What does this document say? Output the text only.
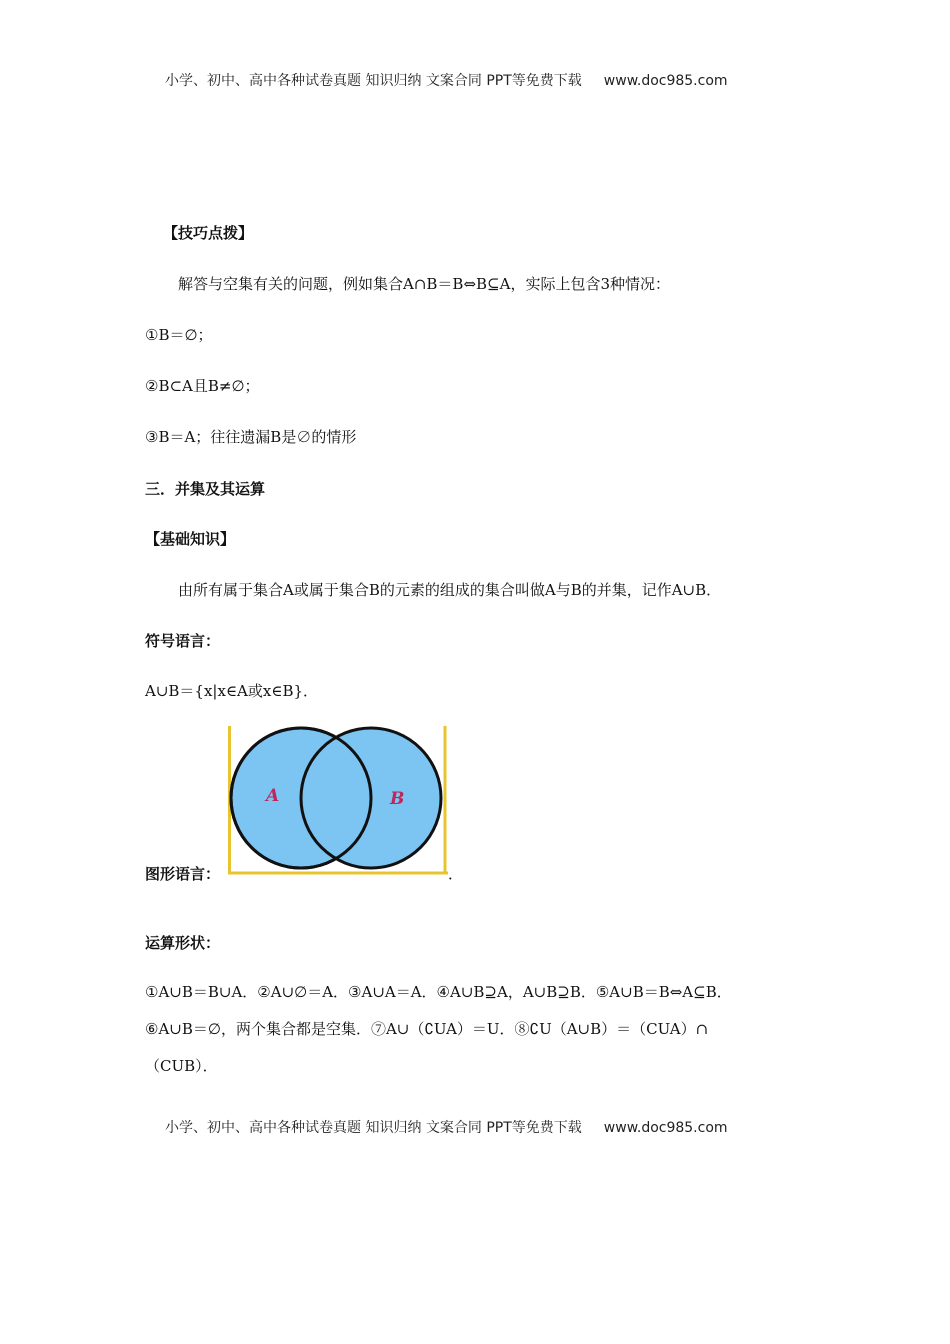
小学、初中、高中各种试卷真题 知识归纳 文案合同 PPT等免费下载 www.doc985.com
【技巧点拨】
解答与空集有关的问题，例如集合A∩B＝B⇔B⊆A，实际上包含3种情况：
①B＝∅；
②B⊂A且B≠∅；
③B＝A；往往遗漏B是∅的情形
三．并集及其运算
【基础知识】
由所有属于集合A或属于集合B的元素的组成的集合叫做A与B的并集，记作A∪B．
符号语言：
A∪B＝{x|x∈A或x∈B}．
A	B
图形语言：	．
运算形状：
①A∪B＝B∪A．②A∪∅＝A．③A∪A＝A．④A∪B⊇A，A∪B⊇B．⑤A∪B＝B⇔A⊆B．
⑥A∪B＝∅，两个集合都是空集．⑦A∪（∁UA）＝U．⑧∁U（A∪B）＝（CUA）∩
（CUB）．
小学、初中、高中各种试卷真题 知识归纳 文案合同 PPT等免费下载 www.doc985.com
